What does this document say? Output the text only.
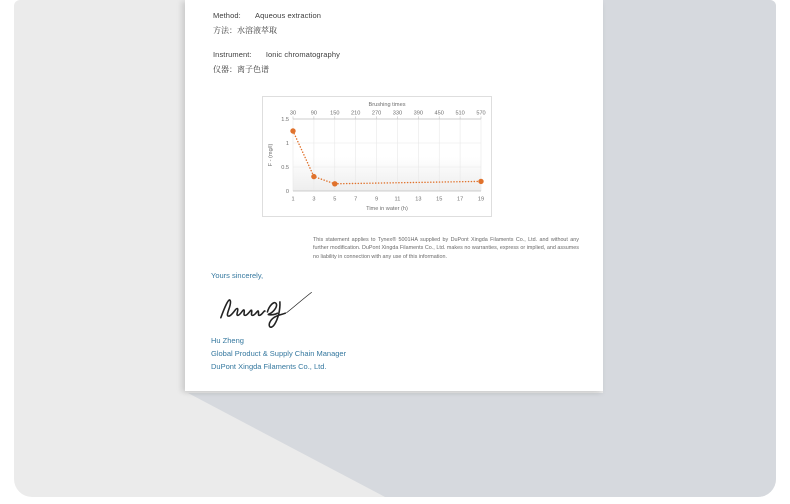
Method: Aqueous extraction
方法：水溶液萃取
Instrument: Ionic chromatography
仪器：离子色谱
Brushing times
30	90 150 210 270 330 390 450 510 570
0
0.5
1
1.5
F - (mg/l)
1	3	5	7	9	11	13	15	17	19
Time in water (h)

This statement applies to Tynex® 5001HA supplied by DuPont Xingda Filaments Co., Ltd. and without any further modification. DuPont Xingda Filaments Co., Ltd. makes no warranties, express or implied, and assumes no liability in connection with any use of this information.

Yours sincerely,
Hu Zheng
Global Product & Supply Chain Manager
DuPont Xingda Filaments Co., Ltd.
